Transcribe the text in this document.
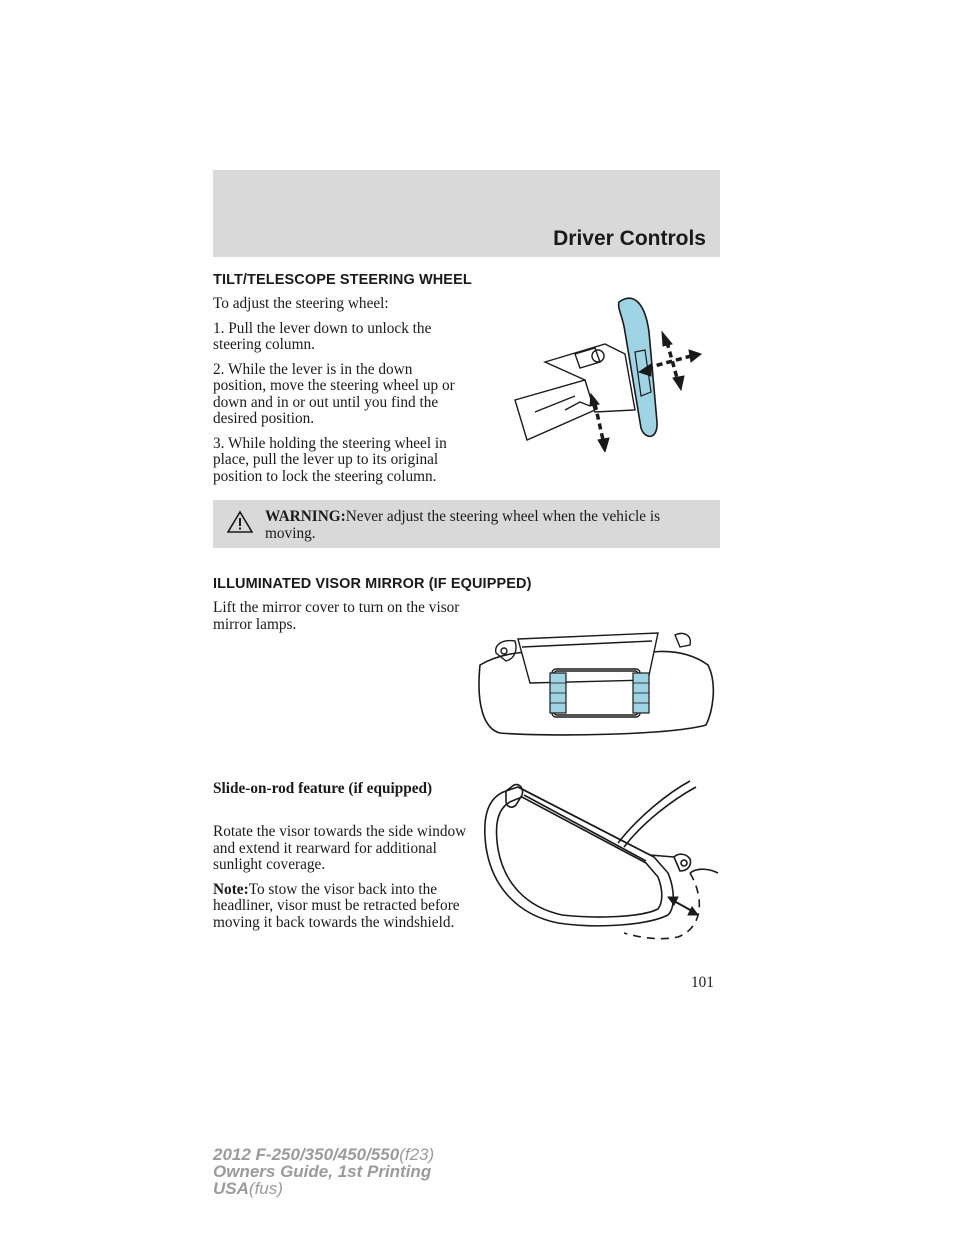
Driver Controls
TILT/TELESCOPE STEERING WHEEL

To adjust the steering wheel:

1. Pull the lever down to unlock the steering column.

2. While the lever is in the down position, move the steering wheel up or down and in or out until you find the desired position.

3. While holding the steering wheel in place, pull the lever up to its original position to lock the steering column.

WARNING:Never adjust the steering wheel when the vehicle is moving.
ILLUMINATED VISOR MIRROR (IF EQUIPPED)
Lift the mirror cover to turn on the visor mirror lamps.
Slide-on-rod feature (if equipped)

Rotate the visor towards the side window and extend it rearward for additional sunlight coverage.

Note:To stow the visor back into the headliner, visor must be retracted before moving it back towards the windshield.

101
2012 F-250/350/450/550(f23)
Owners Guide, 1st Printing
USA(fus)
